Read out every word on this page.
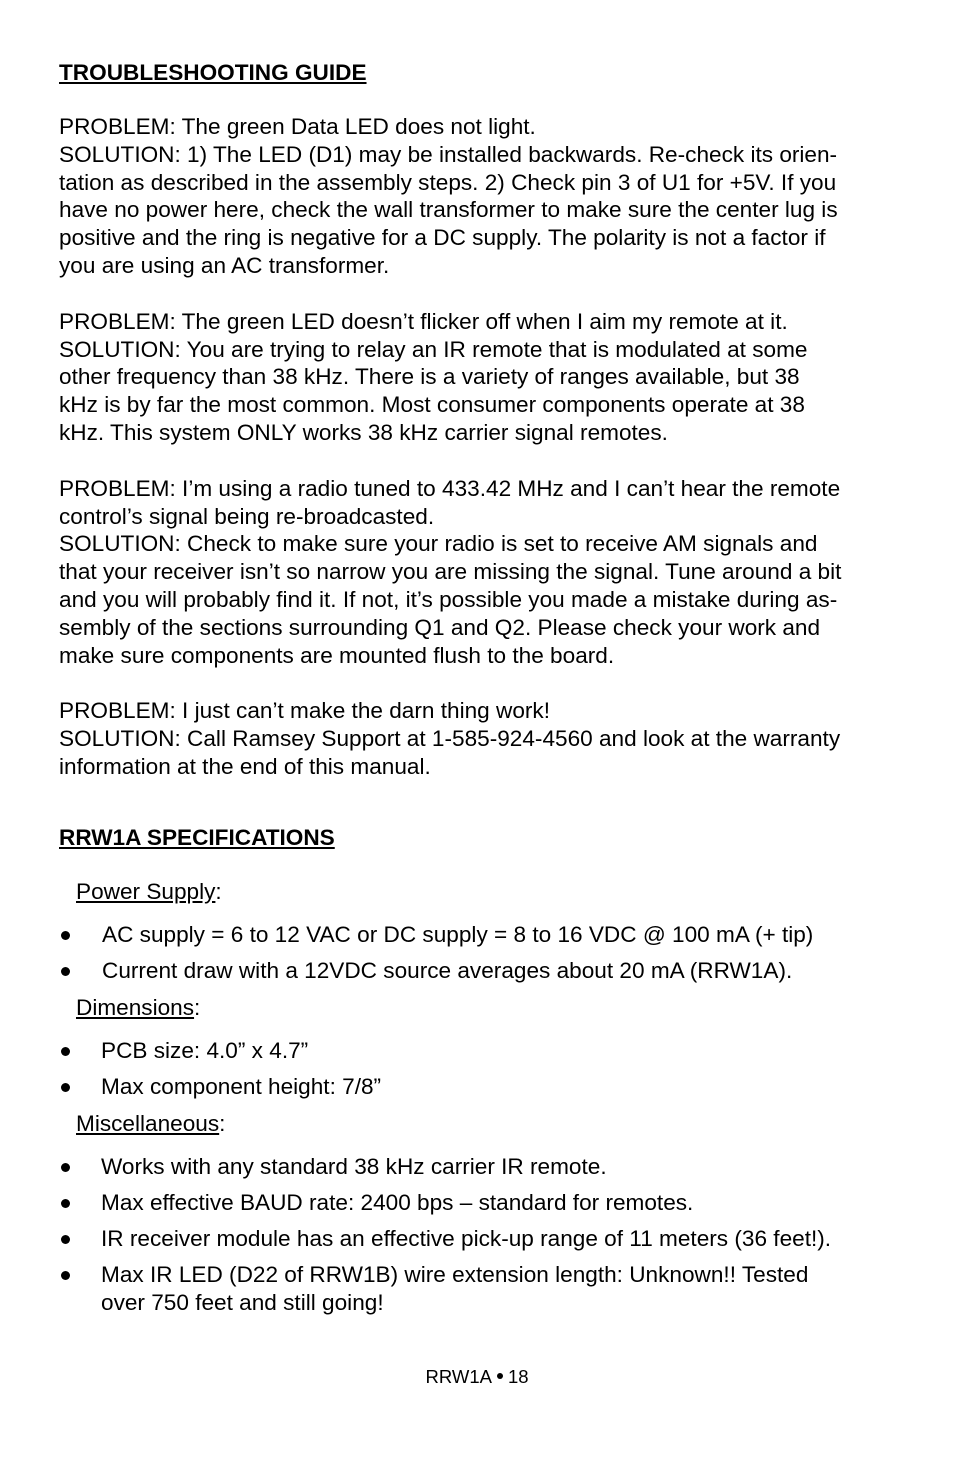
TROUBLESHOOTING GUIDE
PROBLEM: The green Data LED does not light.
SOLUTION: 1) The LED (D1) may be installed backwards. Re-check its orien-
tation as described in the assembly steps. 2) Check pin 3 of U1 for +5V. If you
have no power here, check the wall transformer to make sure the center lug is
positive and the ring is negative for a DC supply. The polarity is not a factor if
you are using an AC transformer.
PROBLEM: The green LED doesn’t flicker off when I aim my remote at it.
SOLUTION: You are trying to relay an IR remote that is modulated at some
other frequency than 38 kHz. There is a variety of ranges available, but 38
kHz is by far the most common. Most consumer components operate at 38
kHz. This system ONLY works 38 kHz carrier signal remotes.
PROBLEM: I’m using a radio tuned to 433.42 MHz and I can’t hear the remote
control’s signal being re-broadcasted.
SOLUTION: Check to make sure your radio is set to receive AM signals and
that your receiver isn’t so narrow you are missing the signal. Tune around a bit
and you will probably find it. If not, it’s possible you made a mistake during as-
sembly of the sections surrounding Q1 and Q2. Please check your work and
make sure components are mounted flush to the board.
PROBLEM: I just can’t make the darn thing work!
SOLUTION: Call Ramsey Support at 1-585-924-4560 and look at the warranty
information at the end of this manual.
RRW1A SPECIFICATIONS
Power Supply:
AC supply = 6 to 12 VAC or DC supply = 8 to 16 VDC @ 100 mA (+ tip)
Current draw with a 12VDC source averages about 20 mA (RRW1A).
Dimensions:
PCB size: 4.0” x 4.7”
Max component height: 7/8”
Miscellaneous:
Works with any standard 38 kHz carrier IR remote.
Max effective BAUD rate: 2400 bps – standard for remotes.
IR receiver module has an effective pick-up range of 11 meters (36 feet!).
Max IR LED (D22 of RRW1B) wire extension length: Unknown!! Tested
over 750 feet and still going!
RRW1A 18
